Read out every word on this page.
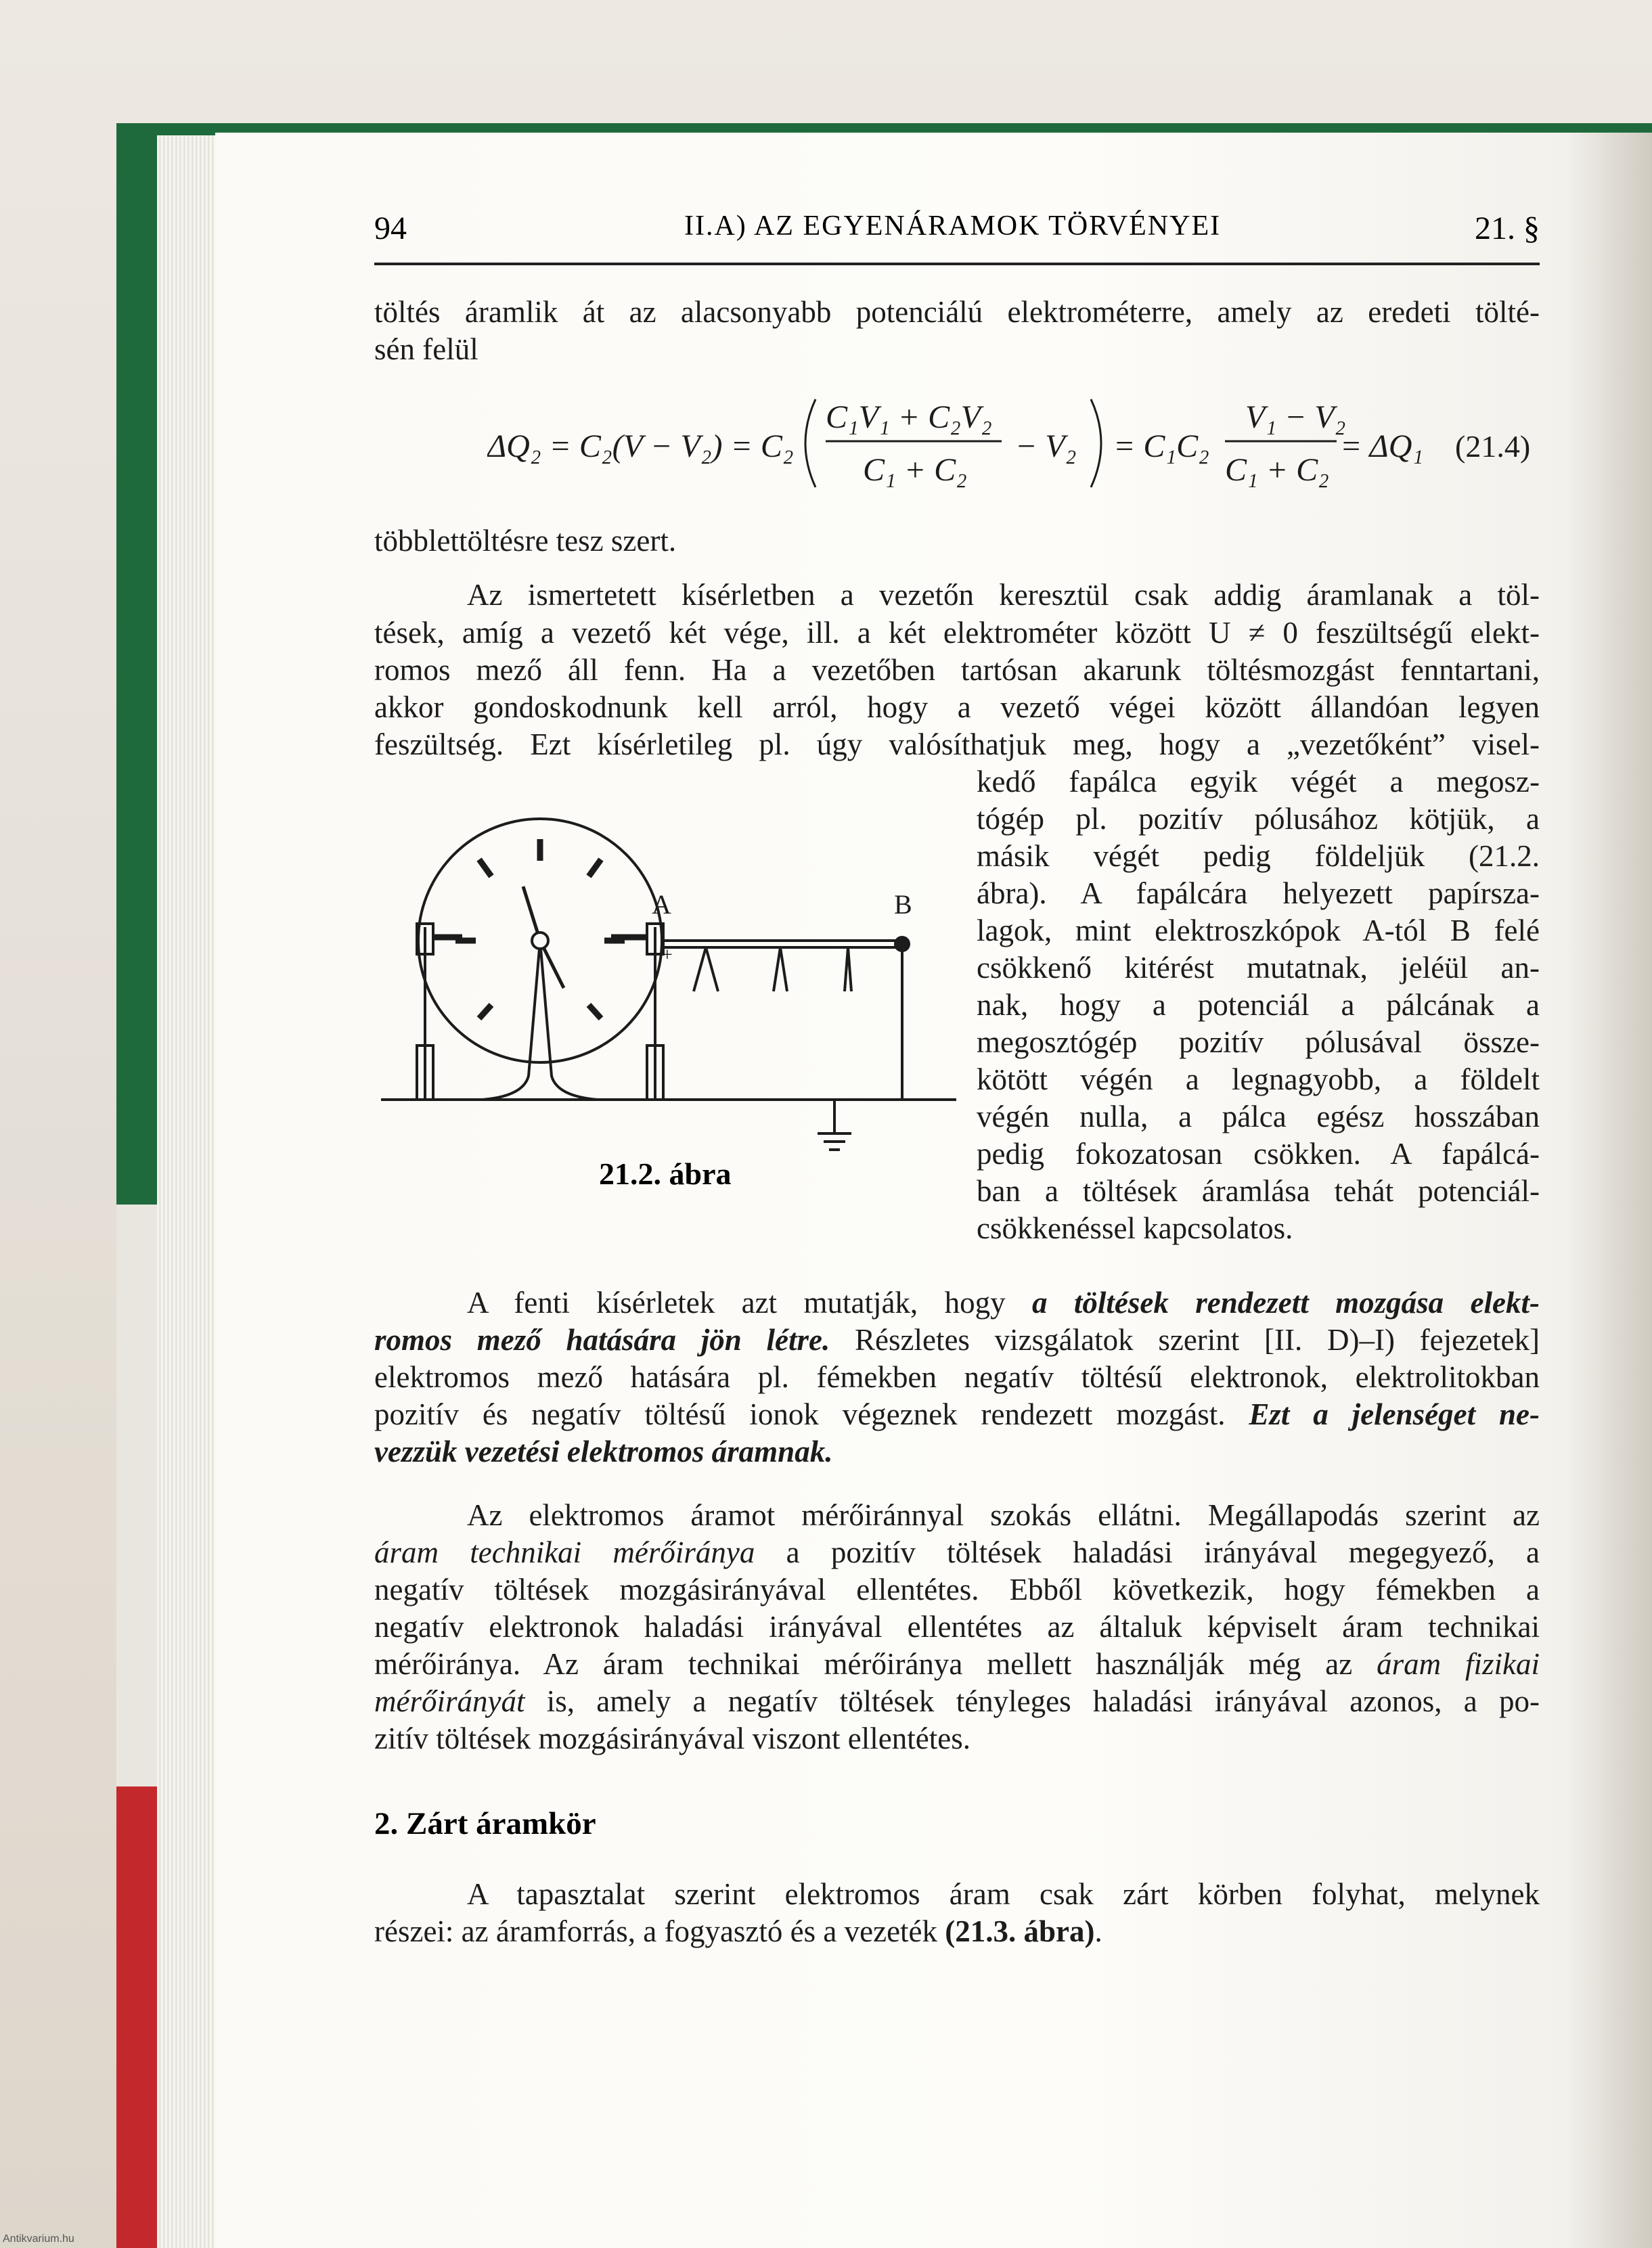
94	II.A) AZ EGYENÁRAMOK TÖRVÉNYEI	21. §
töltés áramlik át az alacsonyabb potenciálú elektrométerre, amely az eredeti tölté-
sén felül
ΔQ₂ = C₂(V − V₂) = C₂
C₁V₁ + C₂V₂
C₁ + C₂
− V₂ = C₁C₂
V₁ − V₂
C₁ + C₂
= ΔQ₁ (21.4)
többlettöltésre tesz szert.
Az ismertetett kísérletben a vezetőn keresztül csak addig áramlanak a töl-
tések, amíg a vezető két vége, ill. a két elektrométer között U ≠ 0 feszültségű elekt-
romos mező áll fenn. Ha a vezetőben tartósan akarunk töltésmozgást fenntartani,
akkor gondoskodnunk kell arról, hogy a vezető végei között állandóan legyen
feszültség. Ezt kísérletileg pl. úgy valósíthatjuk meg, hogy a „vezetőként” visel-
kedő fapálca egyik végét a megosz-
tógép pl. pozitív pólusához kötjük, a
másik végét pedig földeljük (21.2.
ábra). A fapálcára helyezett papírsza-
lagok, mint elektroszkópok A-tól B felé
csökkenő kitérést mutatnak, jeléül an-
nak, hogy a potenciál a pálcának a
megosztógép pozitív pólusával össze-
kötött végén a legnagyobb, a földelt
végén nulla, a pálca egész hosszában
pedig fokozatosan csökken. A fapálcá-
ban a töltések áramlása tehát potenciál-
csökkenéssel kapcsolatos.
A	B
+
21.2. ábra
A fenti kísérletek azt mutatják, hogy a töltések rendezett mozgása elekt-
romos mező hatására jön létre. Részletes vizsgálatok szerint [II. D)–I) fejezetek]
elektromos mező hatására pl. fémekben negatív töltésű elektronok, elektrolitokban
pozitív és negatív töltésű ionok végeznek rendezett mozgást. Ezt a jelenséget ne-
vezzük vezetési elektromos áramnak.
Az elektromos áramot mérőiránnyal szokás ellátni. Megállapodás szerint az
áram technikai mérőiránya a pozitív töltések haladási irányával megegyező, a
negatív töltések mozgásirányával ellentétes. Ebből következik, hogy fémekben a
negatív elektronok haladási irányával ellentétes az általuk képviselt áram technikai
mérőiránya. Az áram technikai mérőiránya mellett használják még az áram fizikai
mérőirányát is, amely a negatív töltések tényleges haladási irányával azonos, a po-
zitív töltések mozgásirányával viszont ellentétes.
2. Zárt áramkör
A tapasztalat szerint elektromos áram csak zárt körben folyhat, melynek
részei: az áramforrás, a fogyasztó és a vezeték (21.3. ábra).
Antikvarium.hu
